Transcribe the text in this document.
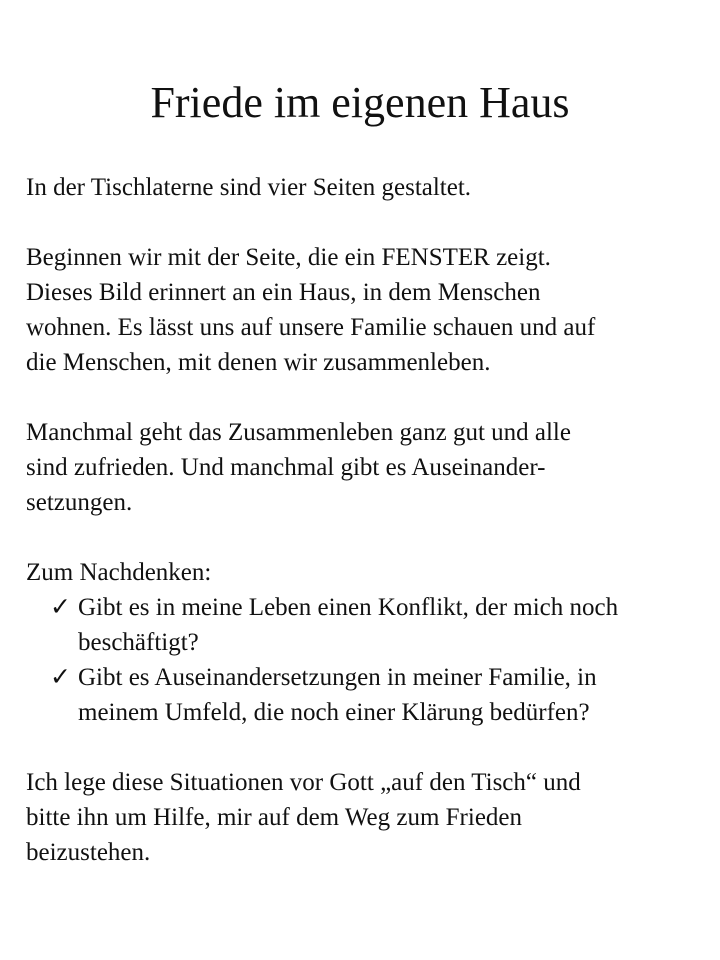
Friede im eigenen Haus

In der Tischlaterne sind vier Seiten gestaltet.

Beginnen wir mit der Seite, die ein FENSTER zeigt.
Dieses Bild erinnert an ein Haus, in dem Menschen
wohnen. Es lässt uns auf unsere Familie schauen und auf
die Menschen, mit denen wir zusammenleben.

Manchmal geht das Zusammenleben ganz gut und alle
sind zufrieden. Und manchmal gibt es Auseinander-
setzungen.

Zum Nachdenken:
✓ Gibt es in meine Leben einen Konflikt, der mich noch
beschäftigt?
✓ Gibt es Auseinandersetzungen in meiner Familie, in
meinem Umfeld, die noch einer Klärung bedürfen?

Ich lege diese Situationen vor Gott „auf den Tisch“ und
bitte ihn um Hilfe, mir auf dem Weg zum Frieden
beizustehen.
